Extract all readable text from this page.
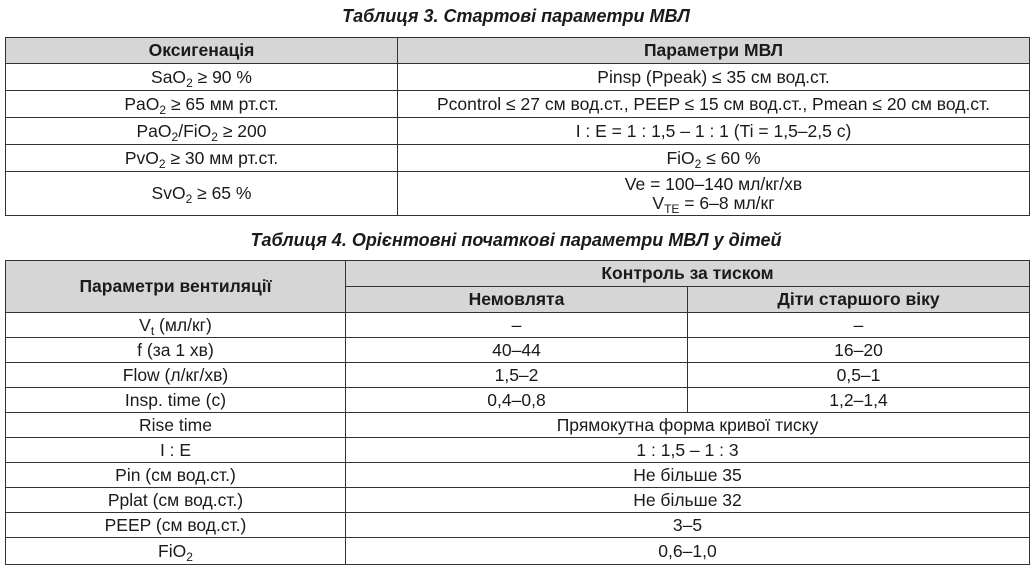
Таблиця 3. Стартові параметри МВЛ
Оксигенація	Параметри МВЛ
SaO$_2$ ≥ 90 %	Pinsp (Ppeak) ≤ 35 см вод.ст.
PaO$_2$ ≥ 65 мм рт.ст.	Pcontrol ≤ 27 см вод.ст., PEEP ≤ 15 см вод.ст., Pmean ≤ 20 см вод.ст.
PaO$_2$/FiO$_2$ ≥ 200	I : E = 1 : 1,5 – 1 : 1 (Ti = 1,5–2,5 с)
PvO$_2$ ≥ 30 мм рт.ст.	FiO$_2$ ≤ 60 %
SvO$_2$ ≥ 65 %	Ve = 100–140 мл/кг/хв
$V_{TE} = 6-8$ мл/кг
Таблиця 4. Орієнтовні початкові параметри МВЛ у дітей
Параметри вентиляції	Контроль за тиском	
	Немовлята	Діти старшого віку
$V_t$ (мл/кг)	–	–
f (за 1 хв)	40–44	16–20
Flow (л/кг/хв)	1,5–2	0,5–1
Insp. time (с)	0,4–0,8	1,2–1,4
Rise time	Прямокутна форма кривої тиску	
I : E	1 : 1,5 – 1 : 3	
Pin (см вод.ст.)	Не більше 35	
Pplat (см вод.ст.)	Не більше 32	
PEEP (см вод.ст.)	3–5	
FiO$_2$	0,6–1,0	
